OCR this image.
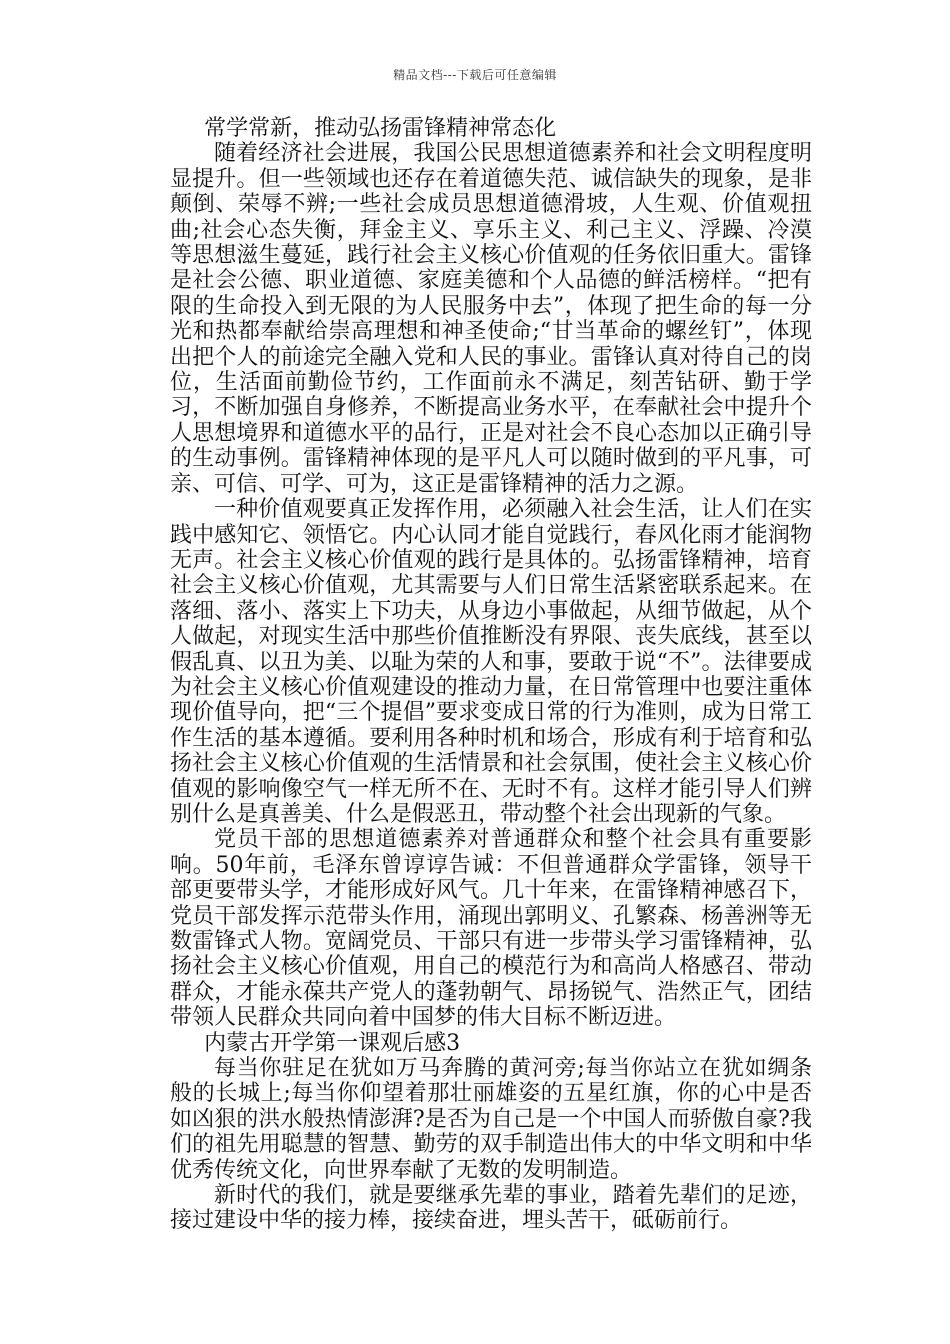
精品文档---下载后可任意编辑

常学常新，推动弘扬雷锋精神常态化

随着经济社会进展，我国公民思想道德素养和社会文明程度明显提升。但一些领域也还存在着道德失范、诚信缺失的现象，是非颠倒、荣辱不辨;一些社会成员思想道德滑坡，人生观、价值观扭曲;社会心态失衡，拜金主义、享乐主义、利己主义、浮躁、冷漠等思想滋生蔓延，践行社会主义核心价值观的任务依旧重大。雷锋是社会公德、职业道德、家庭美德和个人品德的鲜活榜样。“把有限的生命投入到无限的为人民服务中去”，体现了把生命的每一分光和热都奉献给崇高理想和神圣使命;“甘当革命的螺丝钉”，体现出把个人的前途完全融入党和人民的事业。雷锋认真对待自己的岗位，生活面前勤俭节约，工作面前永不满足，刻苦钻研、勤于学习，不断加强自身修养，不断提高业务水平，在奉献社会中提升个人思想境界和道德水平的品行，正是对社会不良心态加以正确引导的生动事例。雷锋精神体现的是平凡人可以随时做到的平凡事，可亲、可信、可学、可为，这正是雷锋精神的活力之源。

一种价值观要真正发挥作用，必须融入社会生活，让人们在实践中感知它、领悟它。内心认同才能自觉践行，春风化雨才能润物无声。社会主义核心价值观的践行是具体的。弘扬雷锋精神，培育社会主义核心价值观，尤其需要与人们日常生活紧密联系起来。在落细、落小、落实上下功夫，从身边小事做起，从细节做起，从个人做起，对现实生活中那些价值推断没有界限、丧失底线，甚至以假乱真、以丑为美、以耻为荣的人和事，要敢于说“不”。法律要成为社会主义核心价值观建设的推动力量，在日常管理中也要注重体现价值导向，把“三个提倡”要求变成日常的行为准则，成为日常工作生活的基本遵循。要利用各种时机和场合，形成有利于培育和弘扬社会主义核心价值观的生活情景和社会氛围，使社会主义核心价值观的影响像空气一样无所不在、无时不有。这样才能引导人们辨别什么是真善美、什么是假恶丑，带动整个社会出现新的气象。

党员干部的思想道德素养对普通群众和整个社会具有重要影响。50年前，毛泽东曾谆谆告诫：不但普通群众学雷锋，领导干部更要带头学，才能形成好风气。几十年来，在雷锋精神感召下，党员干部发挥示范带头作用，涌现出郭明义、孔繁森、杨善洲等无数雷锋式人物。宽阔党员、干部只有进一步带头学习雷锋精神，弘扬社会主义核心价值观，用自己的模范行为和高尚人格感召、带动群众，才能永葆共产党人的蓬勃朝气、昂扬锐气、浩然正气，团结带领人民群众共同向着中国梦的伟大目标不断迈进。

内蒙古开学第一课观后感3

每当你驻足在犹如万马奔腾的黄河旁;每当你站立在犹如绸条般的长城上;每当你仰望着那壮丽雄姿的五星红旗，你的心中是否如凶狠的洪水般热情澎湃?是否为自己是一个中国人而骄傲自豪?我们的祖先用聪慧的智慧、勤劳的双手制造出伟大的中华文明和中华优秀传统文化，向世界奉献了无数的发明制造。

新时代的我们，就是要继承先辈的事业，踏着先辈们的足迹，接过建设中华的接力棒，接续奋进，埋头苦干，砥砺前行。
